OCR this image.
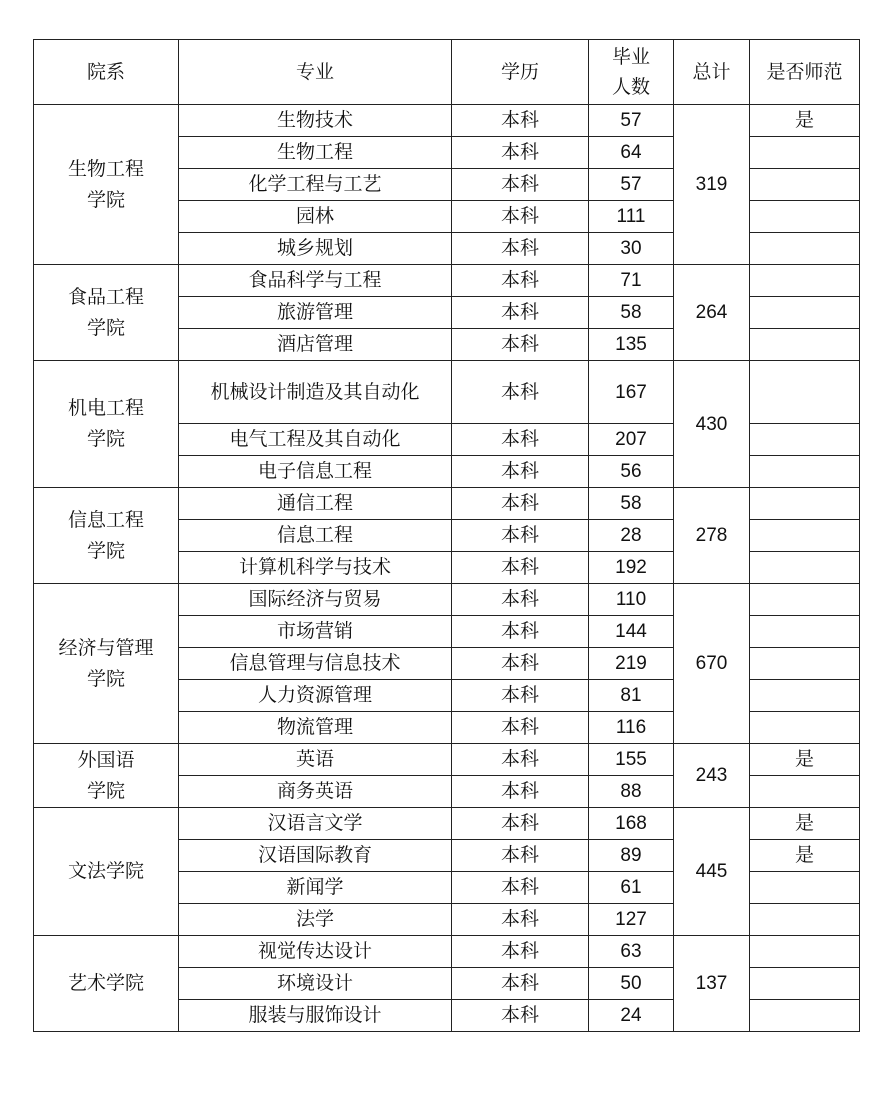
院系	专业	学历	毕业
人数	总计	是否师范
生物工程
学院	生物技术	本科	57	319	是
	生物工程	本科	64		
	化学工程与工艺	本科	57		
	园林	本科	111		
	城乡规划	本科	30		
食品工程
学院	食品科学与工程	本科	71	264	
	旅游管理	本科	58		
	酒店管理	本科	135		
机电工程
学院	机械设计制造及其自动化	本科	167	430	
	电气工程及其自动化	本科	207		
	电子信息工程	本科	56		
信息工程
学院	通信工程	本科	58	278	
	信息工程	本科	28		
	计算机科学与技术	本科	192		
经济与管理
学院	国际经济与贸易	本科	110	670	
	市场营销	本科	144		
	信息管理与信息技术	本科	219		
	人力资源管理	本科	81		
	物流管理	本科	116		
外国语
学院	英语	本科	155	243	是
	商务英语	本科	88		
文法学院	汉语言文学	本科	168	445	是
	汉语国际教育	本科	89		是
	新闻学	本科	61		
	法学	本科	127		
艺术学院	视觉传达设计	本科	63	137	
	环境设计	本科	50		
	服装与服饰设计	本科	24		
